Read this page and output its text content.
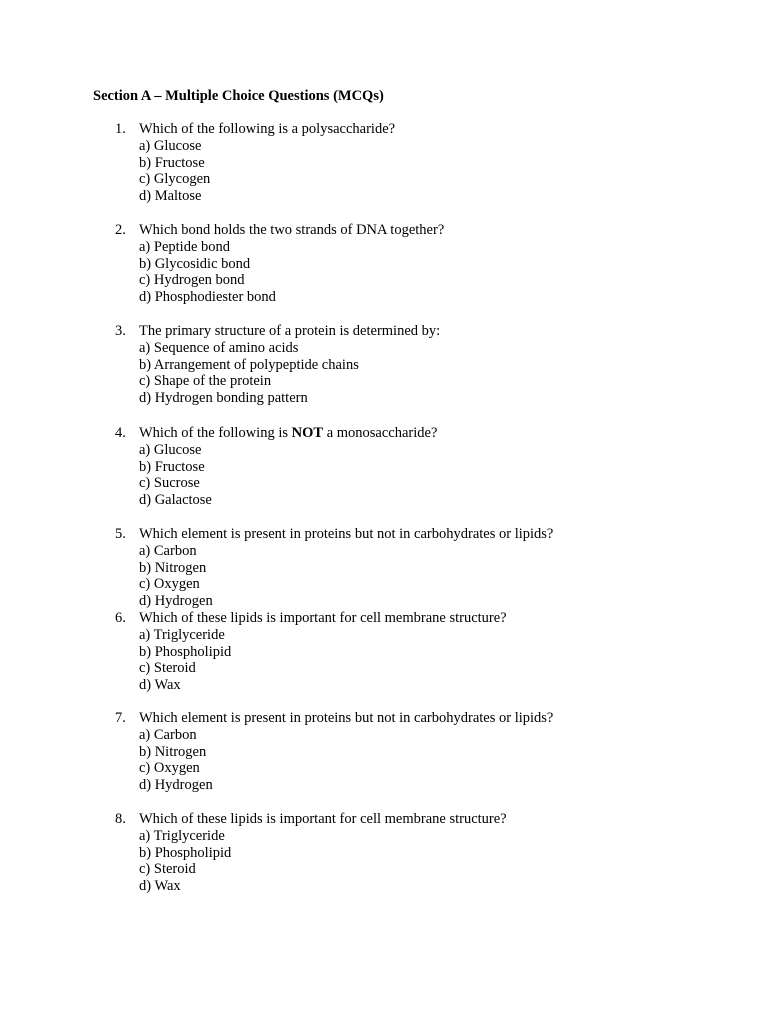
Section A – Multiple Choice Questions (MCQs)
1. Which of the following is a polysaccharide?
a) Glucose
b) Fructose
c) Glycogen
d) Maltose
2. Which bond holds the two strands of DNA together?
a) Peptide bond
b) Glycosidic bond
c) Hydrogen bond
d) Phosphodiester bond
3. The primary structure of a protein is determined by:
a) Sequence of amino acids
b) Arrangement of polypeptide chains
c) Shape of the protein
d) Hydrogen bonding pattern
4. Which of the following is NOT a monosaccharide?
a) Glucose
b) Fructose
c) Sucrose
d) Galactose
5. Which element is present in proteins but not in carbohydrates or lipids?
a) Carbon
b) Nitrogen
c) Oxygen
d) Hydrogen
6. Which of these lipids is important for cell membrane structure?
a) Triglyceride
b) Phospholipid
c) Steroid
d) Wax
7. Which element is present in proteins but not in carbohydrates or lipids?
a) Carbon
b) Nitrogen
c) Oxygen
d) Hydrogen
8. Which of these lipids is important for cell membrane structure?
a) Triglyceride
b) Phospholipid
c) Steroid
d) Wax
